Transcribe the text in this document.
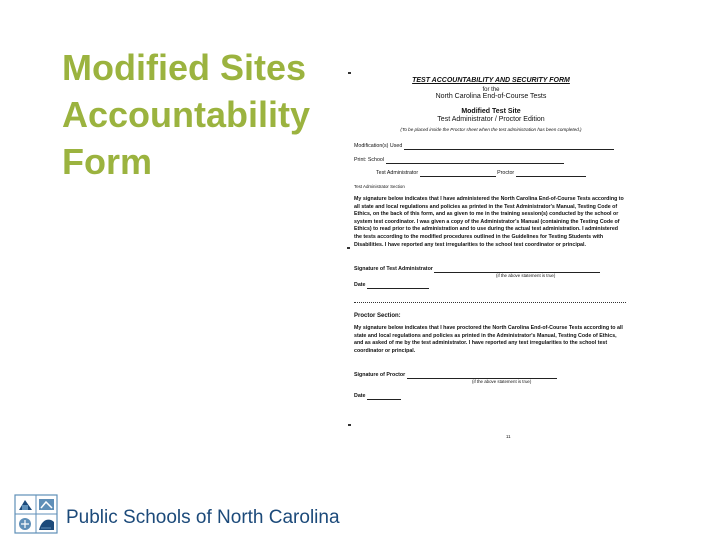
Modified Sites
Accountability
Form
TEST ACCOUNTABILITY AND SECURITY FORM
for the
North Carolina End-of-Course Tests
Modified Test Site
Test Administrator / Proctor Edition
(To be placed inside the Proctor sheet when the test administration has been completed.)
Modification(s) Used
Print: School
Test Administrator	Proctor
Test Administrator Section
My signature below indicates that I have administered the North Carolina End-of-Course Tests according to all state and local regulations and policies as printed in the Test Administrator's Manual, Testing Code of Ethics, on the back of this form, and as given to me in the training session(s) conducted by the school or system test coordinator. I was given a copy of the Administrator's Manual (containing the Testing Code of Ethics) to read prior to the administration and to use during the actual test administration. I administered the tests according to the modified procedures outlined in the Guidelines for Testing Students with Disabilities. I have reported any test irregularities to the school test coordinator or principal.
Signature of Test Administrator
(if the above statement is true)
Date
Proctor Section:
My signature below indicates that I have proctored the North Carolina End-of-Course Tests according to all state and local regulations and policies as printed in the Administrator's Manual, Testing Code of Ethics, and as asked of me by the test administrator. I have reported any test irregularities to the school test coordinator or principal.
Signature of Proctor
(if the above statement is true)
Date
11
Public Schools of North Carolina
